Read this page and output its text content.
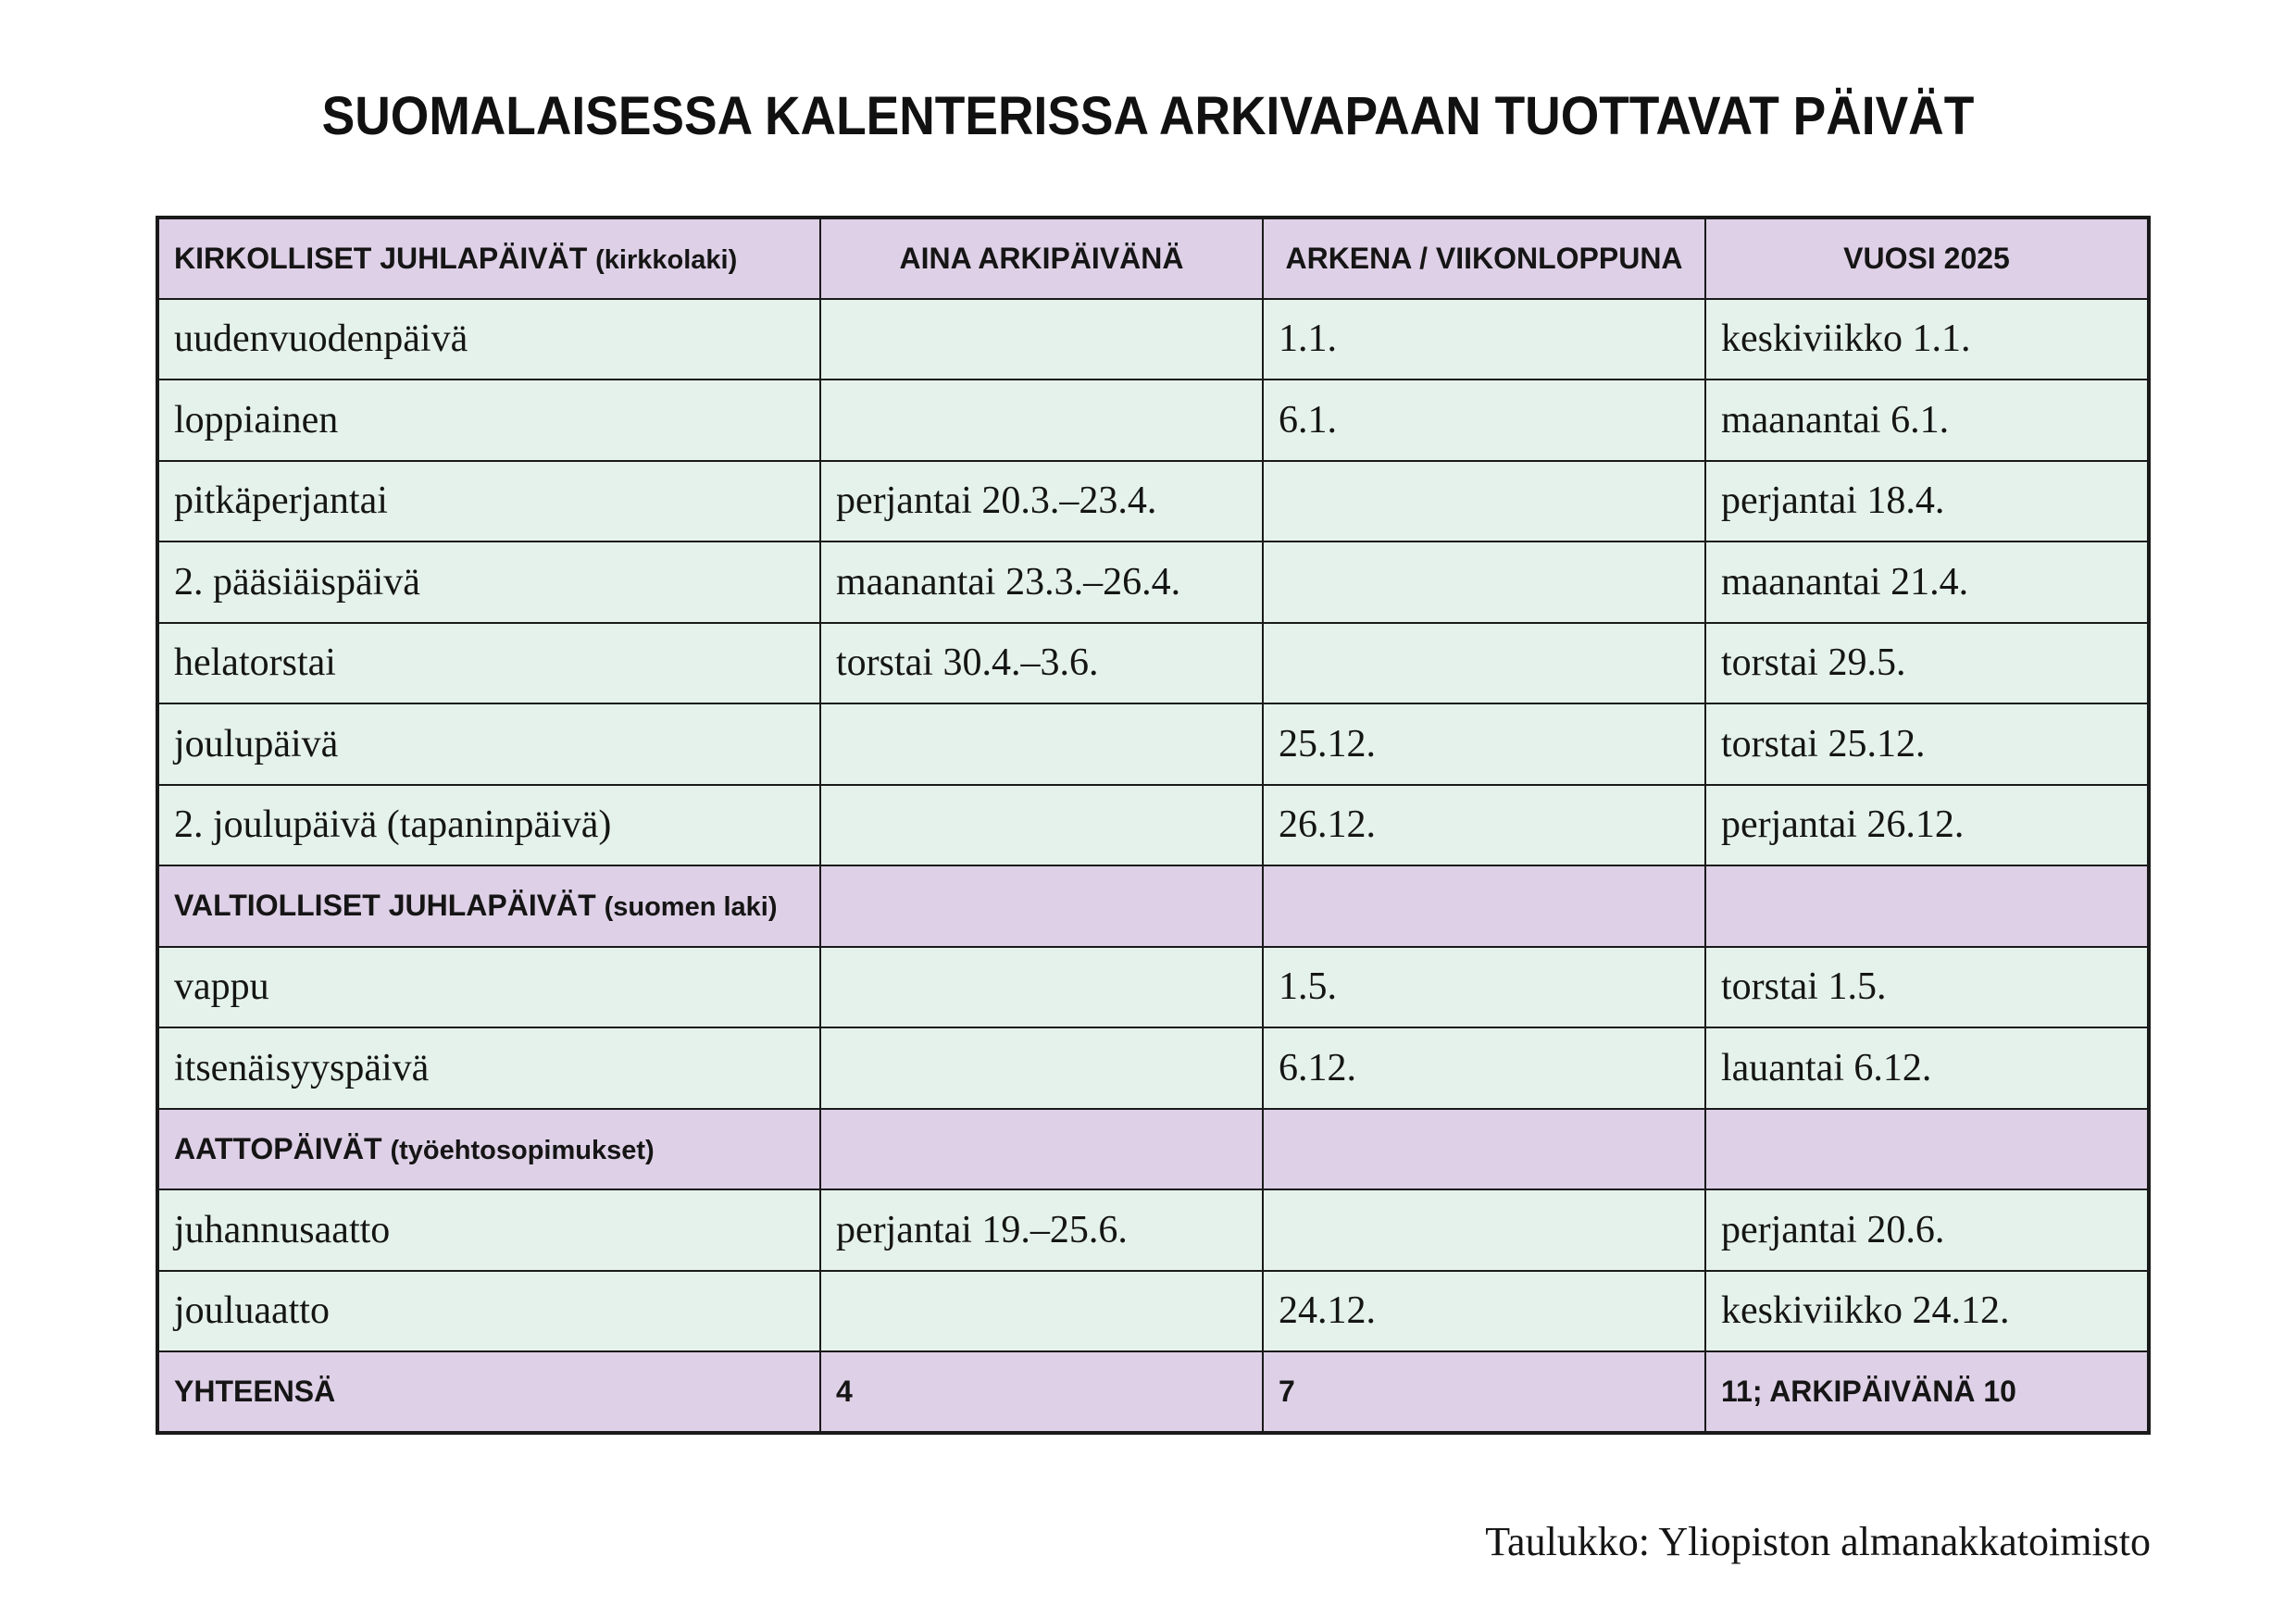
SUOMALAISESSA KALENTERISSA ARKIVAPAAN TUOTTAVAT PÄIVÄT
KIRKOLLISET JUHLAPÄIVÄT (kirkkolaki)	AINA ARKIPÄIVÄNÄ	ARKENA / VIIKONLOPPUNA	VUOSI 2025
uudenvuodenpäivä		1.1.	keskiviikko 1.1.
loppiainen		6.1.	maanantai 6.1.
pitkäperjantai	perjantai 20.3.–23.4.		perjantai 18.4.
2. pääsiäispäivä	maanantai 23.3.–26.4.		maanantai 21.4.
helatorstai	torstai 30.4.–3.6.		torstai 29.5.
joulupäivä		25.12.	torstai 25.12.
2. joulupäivä (tapaninpäivä)		26.12.	perjantai 26.12.
VALTIOLLISET JUHLAPÄIVÄT (suomen laki)			
vappu		1.5.	torstai 1.5.
itsenäisyyspäivä		6.12.	lauantai 6.12.
AATTOPÄIVÄT (työehtosopimukset)			
juhannusaatto	perjantai 19.–25.6.		perjantai 20.6.
jouluaatto		24.12.	keskiviikko 24.12.
YHTEENSÄ	4	7	11; ARKIPÄIVÄNÄ 10
Taulukko: Yliopiston almanakkatoimisto
